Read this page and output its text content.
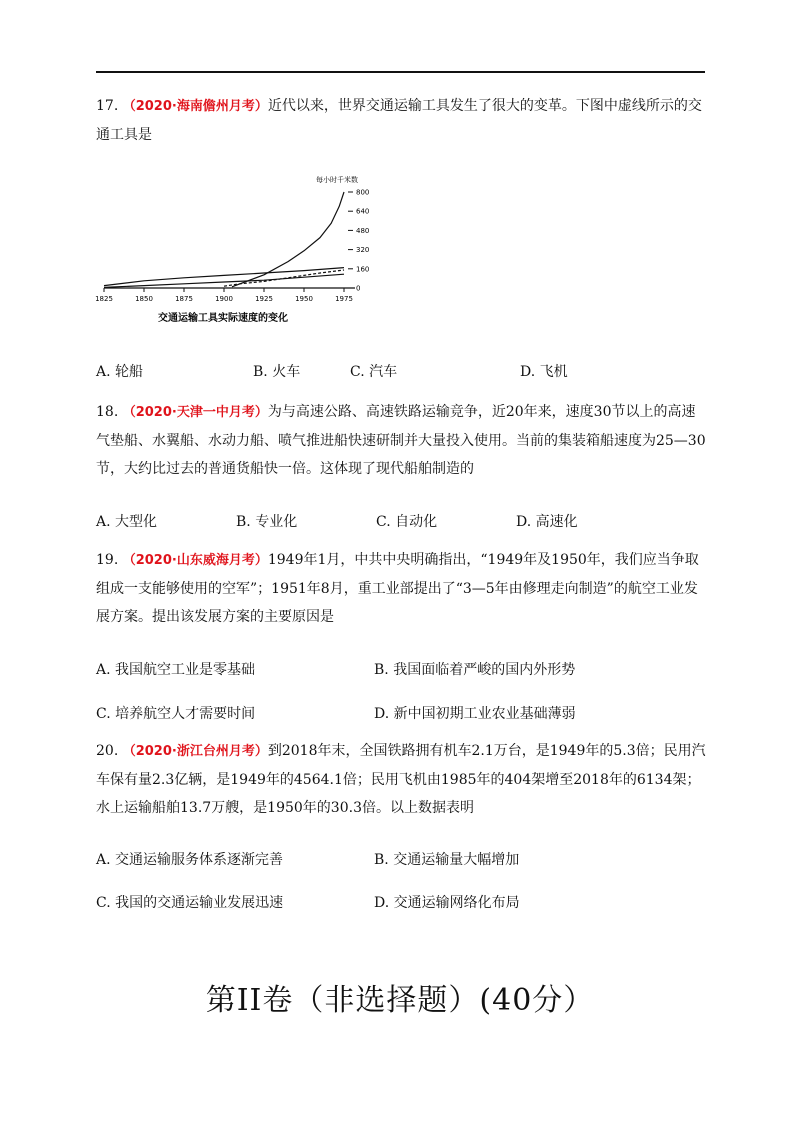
17. （2020·海南儋州月考）近代以来，世界交通运输工具发生了很大的变革。下图中虚线所示的交通工具是
1825	1850	1875	1900	1925	1950	1975
0
160
320
480
640
800
每小时千米数
交通运输工具实际速度的变化
A. 轮船	B. 火车	C. 汽车	D. 飞机
18. （2020·天津一中月考）为与高速公路、高速铁路运输竞争，近20年来，速度30节以上的高速气垫船、水翼船、水动力船、喷气推进船快速研制并大量投入使用。当前的集装箱船速度为25—30节，大约比过去的普通货船快一倍。这体现了现代船舶制造的
A. 大型化	B. 专业化	C. 自动化	D. 高速化
19. （2020·山东威海月考）1949年1月，中共中央明确指出，“1949年及1950年，我们应当争取组成一支能够使用的空军”；1951年8月，重工业部提出了“3—5年由修理走向制造”的航空工业发展方案。提出该发展方案的主要原因是
A. 我国航空工业是零基础	B. 我国面临着严峻的国内外形势
C. 培养航空人才需要时间	D. 新中国初期工业农业基础薄弱
20. （2020·浙江台州月考）到2018年末，全国铁路拥有机车2.1万台，是1949年的5.3倍；民用汽车保有量2.3亿辆，是1949年的4564.1倍；民用飞机由1985年的404架增至2018年的6134架；水上运输船舶13.7万艘，是1950年的30.3倍。以上数据表明
A. 交通运输服务体系逐渐完善	B. 交通运输量大幅增加
C. 我国的交通运输业发展迅速	D. 交通运输网络化布局
第II卷（非选择题）(40分）
